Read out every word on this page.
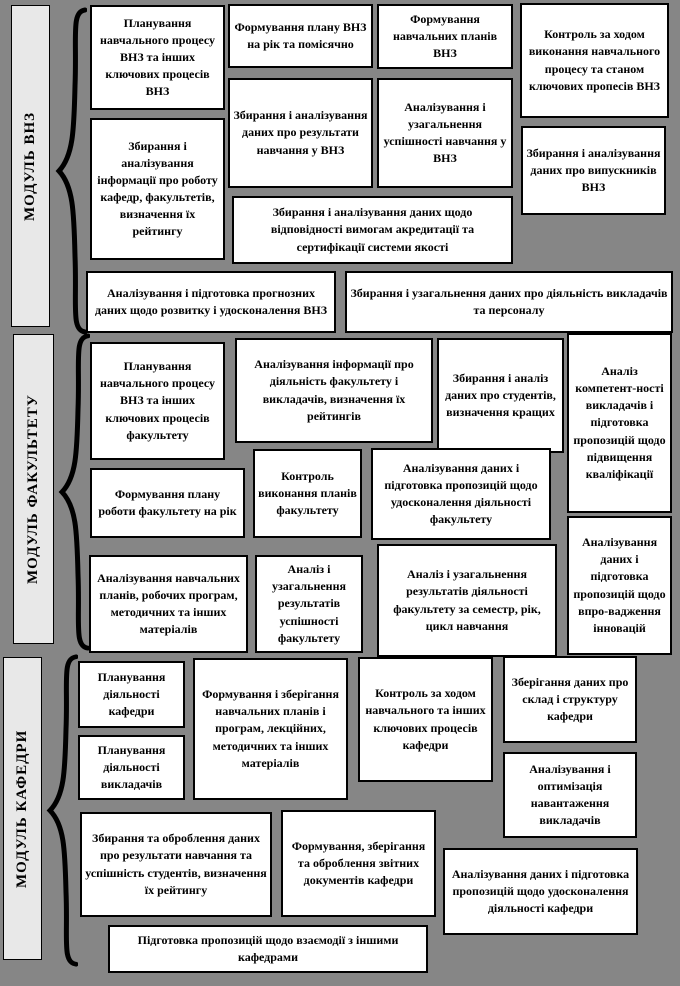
МОДУЛЬ ВНЗ
МОДУЛЬ ФАКУЛЬТЕТУ
МОДУЛЬ КАФЕДРИ
Планування навчального процесу ВНЗ та інших ключових процесів ВНЗ
Формування плану ВНЗ на рік та помісячно
Формування навчальних планів ВНЗ
Контроль за ходом виконання навчального процесу та станом ключових пропесів ВНЗ
Збирання і аналізування інформації про роботу кафедр, факультетів, визначення їх рейтингу
Збирання і аналізування даних про результати навчання у ВНЗ
Аналізування і узагальнення успішності навчання у ВНЗ	Збирання і аналізування даних про випускників ВНЗ
Збирання і аналізування даних щодо відповідності вимогам акредитації та сертифікації системи якості
Аналізування і підготовка прогнозних даних щодо розвитку і удосконалення ВНЗ
Збирання і узагальнення даних про діяльність викладачів та персоналу
Планування навчального процесу ВНЗ та інших ключових процесів факультету
Аналізування інформації про діяльність факультету і викладачів, визначення їх рейтингів
Збирання і аналіз даних про студентів, визначення кращих
Аналіз компетент-ності викладачів і підготовка пропозицій щодо підвищення кваліфікації
Формування плану роботи факультету на рік
Контроль виконання планів факультету
Аналізування даних і підготовка пропозицій щодо удосконалення діяльності факультету
Аналізування навчальних планів, робочих програм, методичних та інших матеріалів
Аналіз і узагальнення результатів успішності факультету
Аналіз і узагальнення результатів діяльності факультету за семестр, рік, цикл навчання
Аналізування даних і підготовка пропозицій щодо впро-вадження інновацій
Планування діяльності кафедри
Планування діяльності викладачів
Формування і зберігання навчальних планів і програм, лекційних, методичних та інших матеріалів
Контроль за ходом навчального та інших ключових процесів кафедри
Зберігання даних про склад і структуру кафедри
Аналізування і оптимізація навантаження викладачів
Збирання та оброблення даних про результати навчання та успішність студентів, визначення їх рейтингу
Формування, зберігання та оброблення звітних документів кафедри	Аналізування даних і підготовка пропозицій щодо удосконалення діяльності кафедри
Підготовка пропозицій щодо взаємодії з іншими кафедрами
